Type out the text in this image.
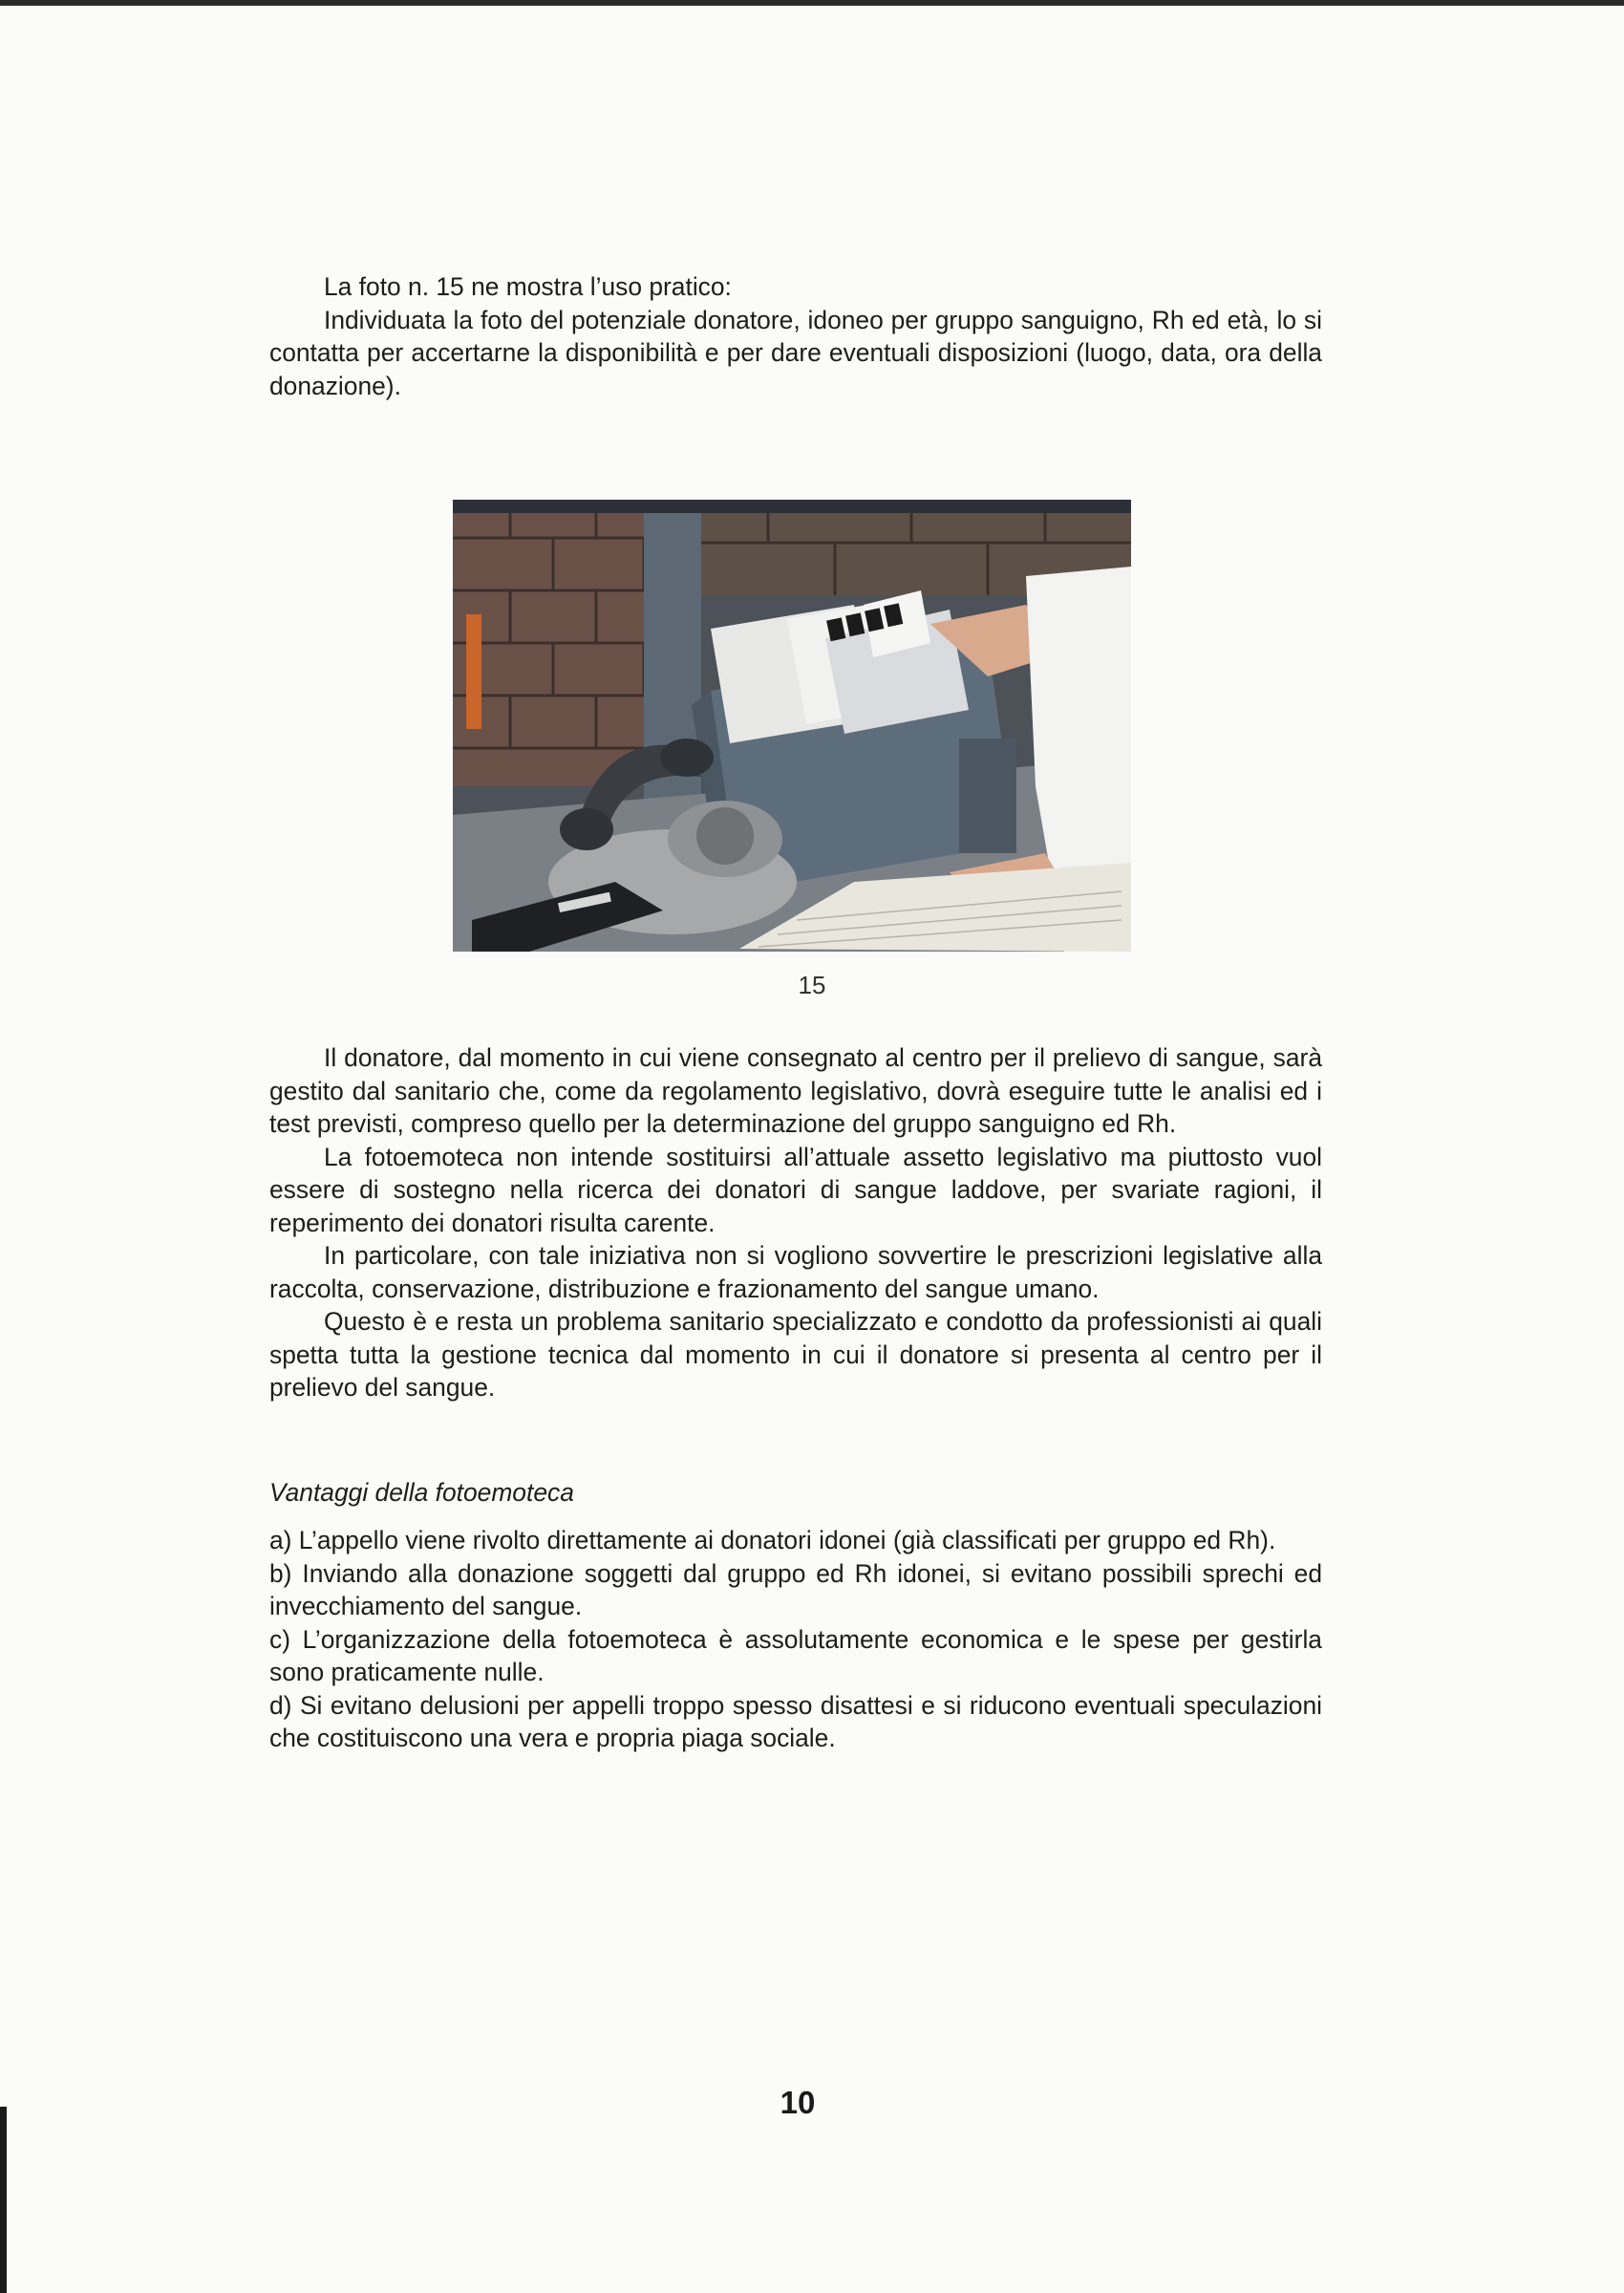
La foto n. 15 ne mostra l’uso pratico:

Individuata la foto del potenziale donatore, idoneo per gruppo sanguigno, Rh ed età, lo si contatta per accertarne la disponibilità e per dare eventuali disposizioni (luogo, data, ora della donazione).

15

Il donatore, dal momento in cui viene consegnato al centro per il prelievo di sangue, sarà gestito dal sanitario che, come da regolamento legislativo, dovrà eseguire tutte le analisi ed i test previsti, compreso quello per la determinazione del gruppo sanguigno ed Rh.

La fotoemoteca non intende sostituirsi all’attuale assetto legislativo ma piuttosto vuol essere di sostegno nella ricerca dei donatori di sangue laddove, per svariate ragioni, il reperimento dei donatori risulta carente.

In particolare, con tale iniziativa non si vogliono sovvertire le prescrizioni legislative alla raccolta, conservazione, distribuzione e frazionamento del sangue umano.

Questo è e resta un problema sanitario specializzato e condotto da professionisti ai quali spetta tutta la gestione tecnica dal momento in cui il donatore si presenta al centro per il prelievo del sangue.

Vantaggi della fotoemoteca

a) L’appello viene rivolto direttamente ai donatori idonei (già classificati per gruppo ed Rh).

b) Inviando alla donazione soggetti dal gruppo ed Rh idonei, si evitano possibili sprechi ed invecchiamento del sangue.

c) L’organizzazione della fotoemoteca è assolutamente economica e le spese per gestirla sono praticamente nulle.

d) Si evitano delusioni per appelli troppo spesso disattesi e si riducono eventuali speculazioni che costituiscono una vera e propria piaga sociale.

10
